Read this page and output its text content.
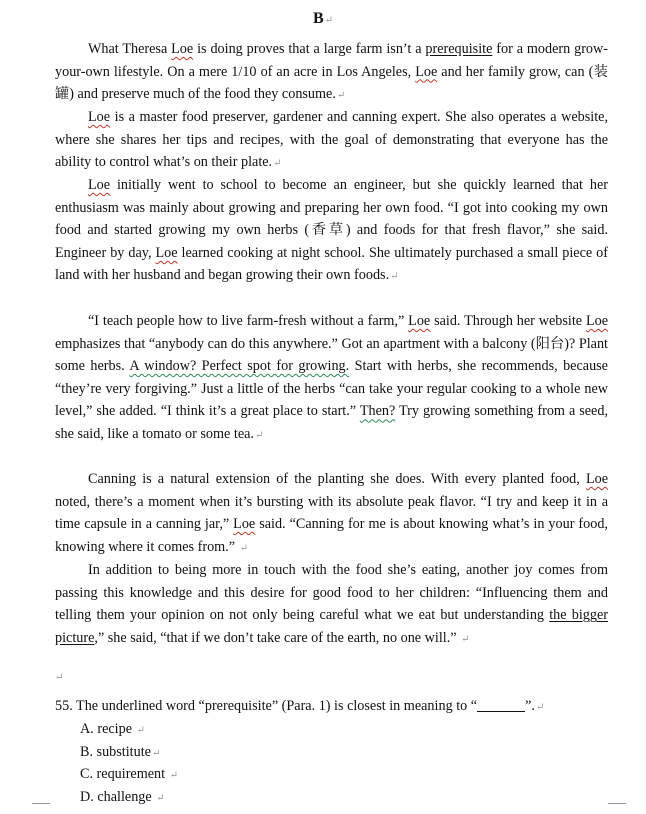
B↵

What Theresa Loe is doing proves that a large farm isn’t a prerequisite for a modern grow-your-own lifestyle. On a mere 1/10 of an acre in Los Angeles, Loe and her family grow, can (装罐) and preserve much of the food they consume.↵

Loe is a master food preserver, gardener and canning expert. She also operates a website, where she shares her tips and recipes, with the goal of demonstrating that everyone has the ability to control what’s on their plate.↵

Loe initially went to school to become an engineer, but she quickly learned that her enthusiasm was mainly about growing and preparing her own food. “I got into cooking my own food and started growing my own herbs (香草) and foods for that fresh flavor,” she said. Engineer by day, Loe learned cooking at night school. She ultimately purchased a small piece of land with her husband and began growing their own foods.↵

“I teach people how to live farm-fresh without a farm,” Loe said. Through her website Loe emphasizes that “anybody can do this anywhere.” Got an apartment with a balcony (阳台)? Plant some herbs. A window? Perfect spot for growing. Start with herbs, she recommends, because “they’re very forgiving.” Just a little of the herbs “can take your regular cooking to a whole new level,” she added. “I think it’s a great place to start.” Then? Try growing something from a seed, she said, like a tomato or some tea.↵

Canning is a natural extension of the planting she does. With every planted food, Loe noted, there’s a moment when it’s bursting with its absolute peak flavor. “I try and keep it in a time capsule in a canning jar,” Loe said. “Canning for me is about knowing what’s in your food, knowing where it comes from.” ↵

In addition to being more in touch with the food she’s eating, another joy comes from passing this knowledge and this desire for good food to her children: “Influencing them and telling them your opinion on not only being careful what we eat but understanding the bigger picture,” she said, “that if we don’t take care of the earth, no one will.” ↵

↵

55. The underlined word “prerequisite” (Para. 1) is closest in meaning to “	”.↵

A. recipe ↵

B. substitute↵

C. requirement ↵

D. challenge ↵
